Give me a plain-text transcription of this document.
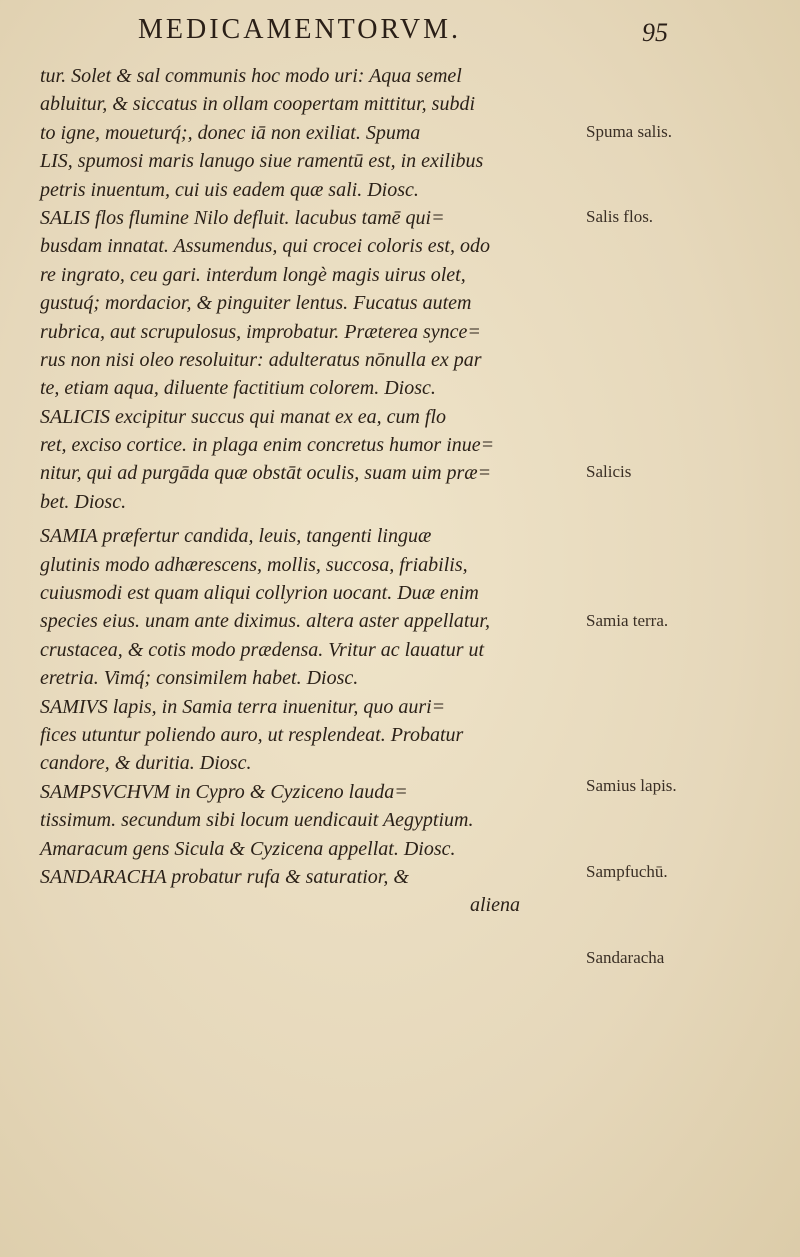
MEDICAMENTORVM.	95
tur. Solet & sal communis hoc modo uri: Aqua semel
abluitur, & siccatus in ollam coopertam mittitur, subdi
to igne, moueturq́;, donec iā non exiliat. Spuma
LIS, spumosi maris lanugo siue ramentū est, in exilibus
petris inuentum, cui uis eadem quæ sali. Diosc.
SALIS flos flumine Nilo defluit. lacubus tamē qui=
busdam innatat. Assumendus, qui crocei coloris est, odo
re ingrato, ceu gari. interdum longè magis uirus olet,
gustuq́; mordacior, & pinguiter lentus. Fucatus autem
rubrica, aut scrupulosus, improbatur. Præterea synce=
rus non nisi oleo resoluitur: adulteratus nōnulla ex par
te, etiam aqua, diluente factitium colorem. Diosc.
SALICIS excipitur succus qui manat ex ea, cum flo
ret, exciso cortice. in plaga enim concretus humor inue=
nitur, qui ad purgāda quæ obstāt oculis, suam uim præ=
bet. Diosc.
SAMIA præfertur candida, leuis, tangenti linguæ
glutinis modo adhærescens, mollis, succosa, friabilis,
cuiusmodi est quam aliqui collyrion uocant. Duæ enim
species eius. unam ante diximus. altera aster appellatur,
crustacea, & cotis modo prædensa. Vritur ac lauatur ut
eretria. Vimq́; consimilem habet. Diosc.
SAMIVS lapis, in Samia terra inuenitur, quo auri=
fices utuntur poliendo auro, ut resplendeat. Probatur
candore, & duritia. Diosc.
SAMPSVCHVM in Cypro & Cyziceno lauda=
tissimum. secundum sibi locum uendicauit Aegyptium.
Amaracum gens Sicula & Cyzicena appellat. Diosc.
SANDARACHA probatur rufa & saturatior, &
aliena
Spuma salis.
Salis flos.
Salicis
Samia terra.
Samius lapis.
Sampfuchū.
Sandaracha
